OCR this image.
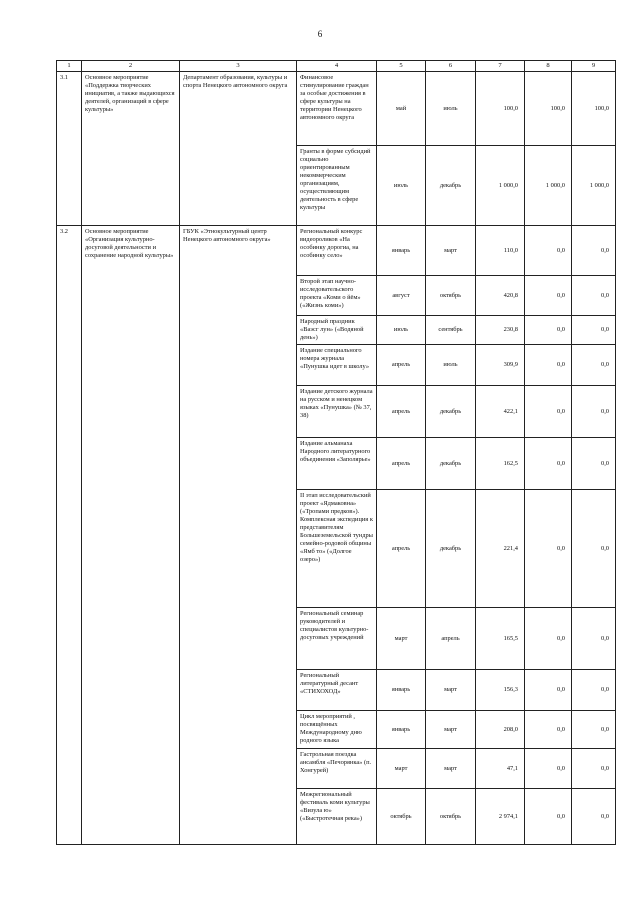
6
1	2	3	4	5	6	7	8	9
3.1	Основное мероприятие «Поддержка творческих инициатив, а также выдающихся деятелей, организаций в сфере культуры»	Департамент образования, культуры и спорта Ненецкого автономного округа	Финансовое стимулирование граждан за особые достижения в сфере культуры на территории Ненецкого автономного округа	май	июль	100,0	100,0	100,0
			Гранты в форме субсидий социально ориентированным некоммерческим организациям, осуществляющим деятельность в сфере культуры	июль	декабрь	1 000,0	1 000,0	1 000,0
3.2	Основное мероприятие «Организация культурно-досуговой деятельности и сохранение народной культуры»	ГБУК «Этнокультурный центр Ненецкого автономного округа»	Региональный конкурс видеороликов «На особинку дорогиа, на особинку село»	январь	март	110,0	0,0	0,0
			Второй этап научно-исследовательского проекта «Коми о йём» («Жизнь коми»)	август	октябрь	420,8	0,0	0,0
			Народный праздник «Ваэсг лун» («Водяной день»)	июль	сентябрь	230,8	0,0	0,0
			Издание специального номера журнала «Пунушка идет в школу»	апрель	июль	309,9	0,0	0,0
			Издание детского журнала на русском и ненецком языках «Пунушка» (№ 37, 38)	апрель	декабрь	422,1	0,0	0,0
			Издание альманаха Народного литературного объединения «Заполярье»	апрель	декабрь	162,5	0,0	0,0
			II этап исследовательский проект «Ядмаковна» («Тропами предков»). Комплексная экспедиция к представителям Большеземельской тундры семейно-родовой общины «Ямб то» («Долгое озеро»)	апрель	декабрь	221,4	0,0	0,0
			Региональный семинар руководителей и специалистов культурно-досуговых учреждений	март	апрель	165,5	0,0	0,0
			Региональный литературный десант «СТИХОХОД»	январь	март	156,3	0,0	0,0
			Цикл мероприятий , посвящённых Международному дню родного языка	январь	март	208,0	0,0	0,0
			Гастрольная поездка ансамбля «Печорянка» (п. Хонгурей)	март	март	47,1	0,0	0,0
			Межрегиональный фестиваль коми культуры «Визула ю» («Быстротечная река»)	октябрь	октябрь	2 974,1	0,0	0,0
